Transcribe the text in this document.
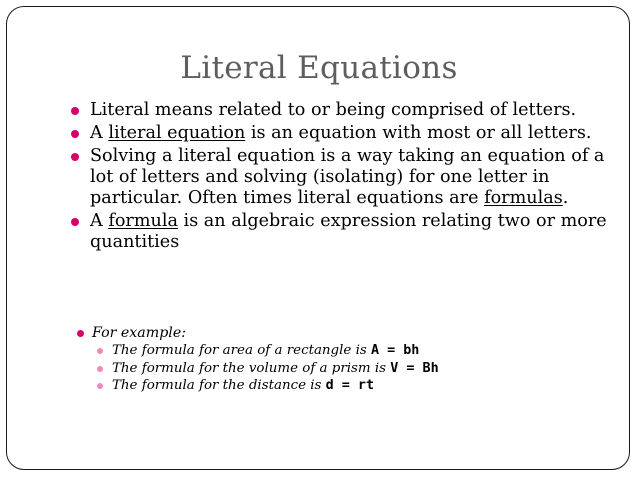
Literal Equations
Literal means related to or being comprised of letters.
A literal equation is an equation with most or all letters.
Solving a literal equation is a way taking an equation of a lot of letters and solving (isolating) for one letter in particular. Often times literal equations are formulas.
A formula is an algebraic expression relating two or more quantities
For example:
The formula for area of a rectangle is A = bh
The formula for the volume of a prism is V = Bh
The formula for the distance is d = rt
